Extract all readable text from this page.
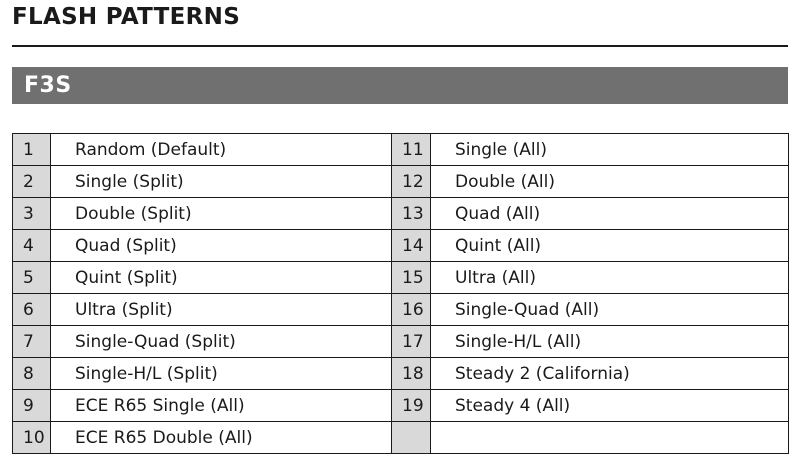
FLASH PATTERNS
F3S
1	Random (Default)	11	Single (All)
2	Single (Split)	12	Double (All)
3	Double (Split)	13	Quad (All)
4	Quad (Split)	14	Quint (All)
5	Quint (Split)	15	Ultra (All)
6	Ultra (Split)	16	Single-Quad (All)
7	Single-Quad (Split)	17	Single-H/L (All)
8	Single-H/L (Split)	18	Steady 2 (California)
9	ECE R65 Single (All)	19	Steady 4 (All)
10	ECE R65 Double (All)		
